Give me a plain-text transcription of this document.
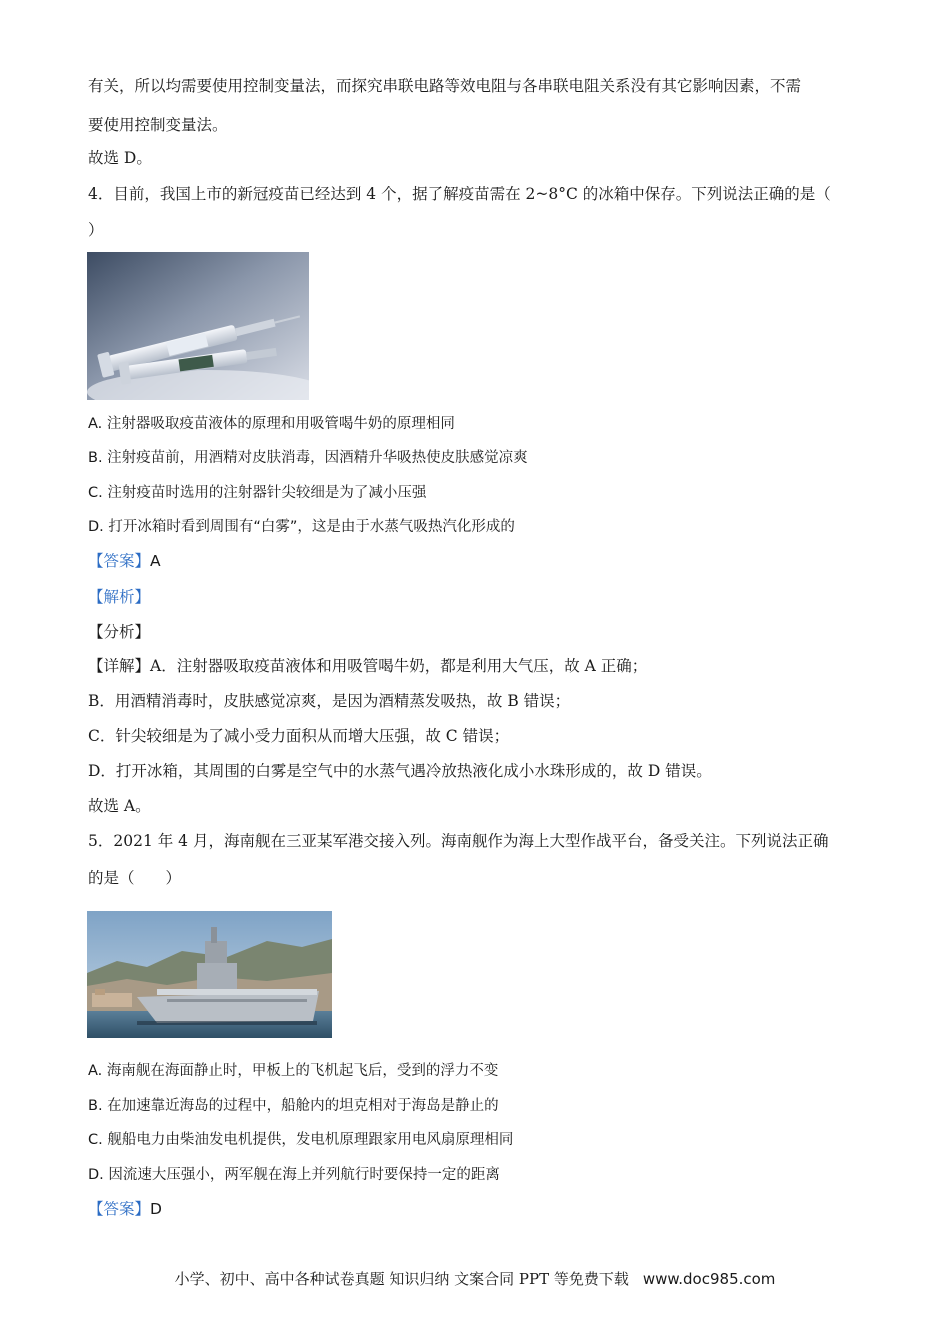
有关，所以均需要使用控制变量法，而探究串联电路等效电阻与各串联电阻关系没有其它影响因素，不需
要使用控制变量法。
故选 D。
4．目前，我国上市的新冠疫苗已经达到 4 个，据了解疫苗需在 2~8°C 的冰箱中保存。下列说法正确的是（
）
A. 注射器吸取疫苗液体的原理和用吸管喝牛奶的原理相同
B. 注射疫苗前，用酒精对皮肤消毒，因酒精升华吸热使皮肤感觉凉爽
C. 注射疫苗时选用的注射器针尖较细是为了减小压强
D. 打开冰箱时看到周围有“白雾”，这是由于水蒸气吸热汽化形成的
【答案】A
【解析】
【分析】
【详解】A．注射器吸取疫苗液体和用吸管喝牛奶，都是利用大气压，故 A 正确；
B．用酒精消毒时，皮肤感觉凉爽，是因为酒精蒸发吸热，故 B 错误；
C．针尖较细是为了减小受力面积从而增大压强，故 C 错误；
D．打开冰箱，其周围的白雾是空气中的水蒸气遇冷放热液化成小水珠形成的，故 D 错误。
故选 A。
5．2021 年 4 月，海南舰在三亚某军港交接入列。海南舰作为海上大型作战平台，备受关注。下列说法正确
的是（　　）
A. 海南舰在海面静止时，甲板上的飞机起飞后，受到的浮力不变
B. 在加速靠近海岛的过程中，船舱内的坦克相对于海岛是静止的
C. 舰船电力由柴油发电机提供，发电机原理跟家用电风扇原理相同
D. 因流速大压强小，两军舰在海上并列航行时要保持一定的距离
【答案】D
小学、初中、高中各种试卷真题 知识归纳 文案合同 PPT 等免费下载 www.doc985.com
